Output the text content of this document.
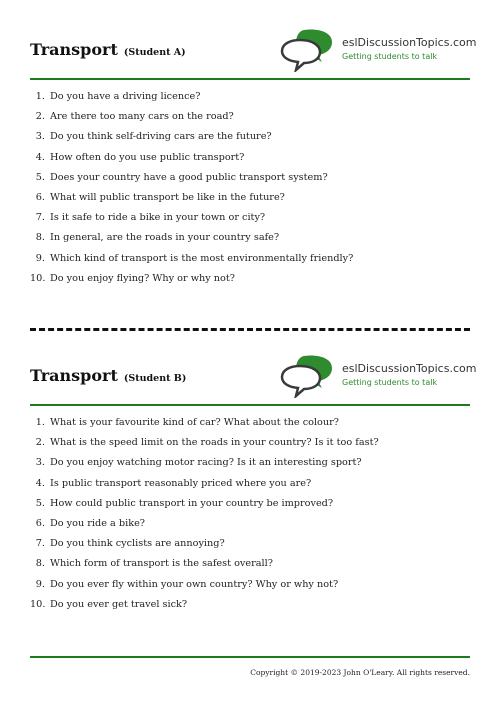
Transport (Student A)
eslDiscussionTopics.com
Getting students to talk
1. Do you have a driving licence?
2. Are there too many cars on the road?
3. Do you think self-driving cars are the future?
4. How often do you use public transport?
5. Does your country have a good public transport system?
6. What will public transport be like in the future?
7. Is it safe to ride a bike in your town or city?
8. In general, are the roads in your country safe?
9. Which kind of transport is the most environmentally friendly?
10. Do you enjoy flying? Why or why not?
Transport (Student B)
eslDiscussionTopics.com
Getting students to talk
1. What is your favourite kind of car? What about the colour?
2. What is the speed limit on the roads in your country? Is it too fast?
3. Do you enjoy watching motor racing? Is it an interesting sport?
4. Is public transport reasonably priced where you are?
5. How could public transport in your country be improved?
6. Do you ride a bike?
7. Do you think cyclists are annoying?
8. Which form of transport is the safest overall?
9. Do you ever fly within your own country? Why or why not?
10. Do you ever get travel sick?
Copyright © 2019-2023 John O'Leary. All rights reserved.
